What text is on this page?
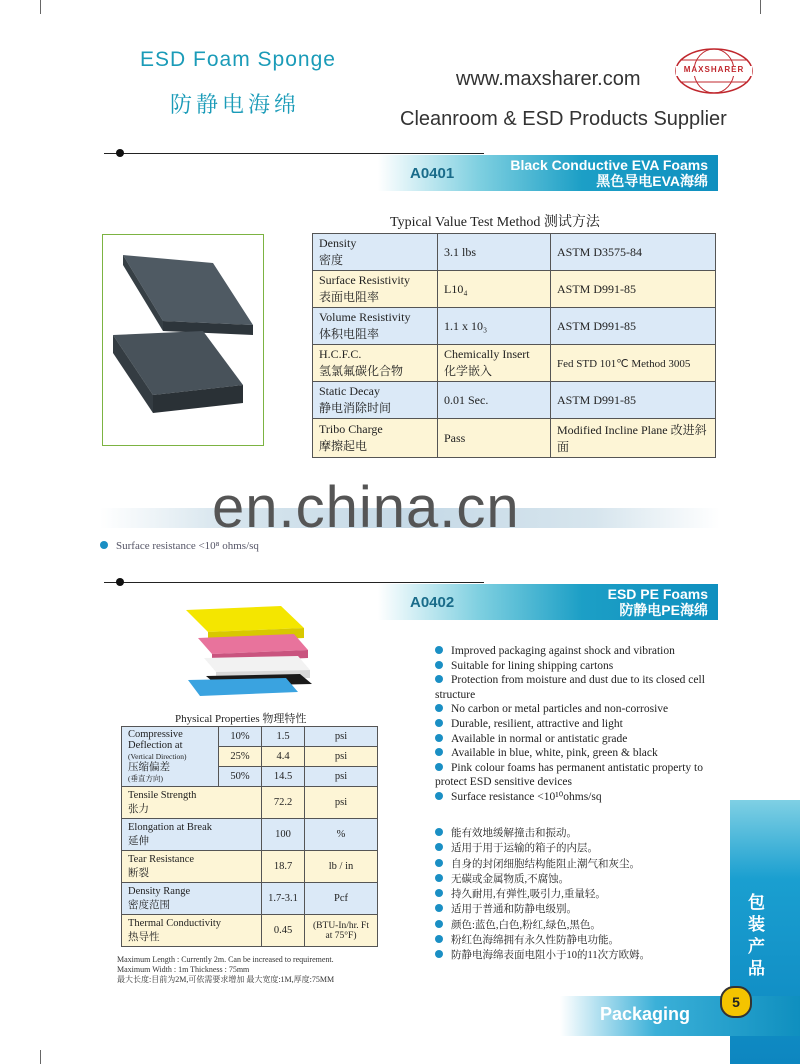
ESD Foam Sponge
防静电海绵
www.maxsharer.com
Cleanroom & ESD Products Supplier
MAXSHARER
A0401	Black Conductive EVA Foams
黑色导电EVA海绵
Typical Value Test Method 测试方法
Density
密度	3.1 lbs	ASTM D3575-84

Surface Resistivity
表面电阻率	L10₄	ASTM D991-85

Volume Resistivity
体积电阻率	1.1 x 10₃	ASTM D991-85

H.C.F.C.
氢氯氟碳化合物	Chemically Insert 化学嵌入	Fed STD 101℃ Method 3005

Static Decay
静电消除时间	0.01 Sec.	ASTM D991-85

Tribo Charge
摩擦起电	Pass	Modified Incline Plane 改进斜面
en.china.cn
Surface resistance <10⁸ ohms/sq
A0402	ESD PE Foams
防静电PE海绵
Physical Properties 物理特性
Compressive Deflection at
(Vertical Direction)
压缩偏差
(垂直方向)	10%	1.5	psi
	25%	4.4	psi
	50%	14.5	psi

Tensile Strength
张力		72.2	psi

Elongation at Break
延伸		100	%

Tear Resistance
断裂		18.7	lb / in

Density Range
密度范围		1.7-3.1	Pcf

Thermal Conductivity
热导性		0.45	(BTU-In/hr. Ft at 75°F)
Maximum Length : Currently 2m. Can be increased to requirement.
Maximum Width : 1m Thickness : 75mm
最大长度:目前为2M,可依需要求增加 最大宽度:1M,厚度:75MM
Improved packaging against shock and vibration
Suitable for lining shipping cartons
Protection from moisture and dust due to its closed cell structure
No carbon or metal particles and non-corrosive
Durable, resilient, attractive and light
Available in normal or antistatic grade
Available in blue, white, pink, green & black
Pink colour foams has permanent antistatic property to protect ESD sensitive devices
Surface resistance <10¹⁰ohms/sq
能有效地缓解撞击和振动。
适用于用于运输的箱子的内层。
自身的封闭细胞结构能阻止潮气和灰尘。
无碳或金属物质,不腐蚀。
持久耐用,有弹性,吸引力,重量轻。
适用于普通和防静电级别。
颜色:蓝色,白色,粉红,绿色,黑色。
粉红色海绵拥有永久性防静电功能。
防静电海绵表面电阻小于10的11次方欧姆。
包装产品
Packaging
5
